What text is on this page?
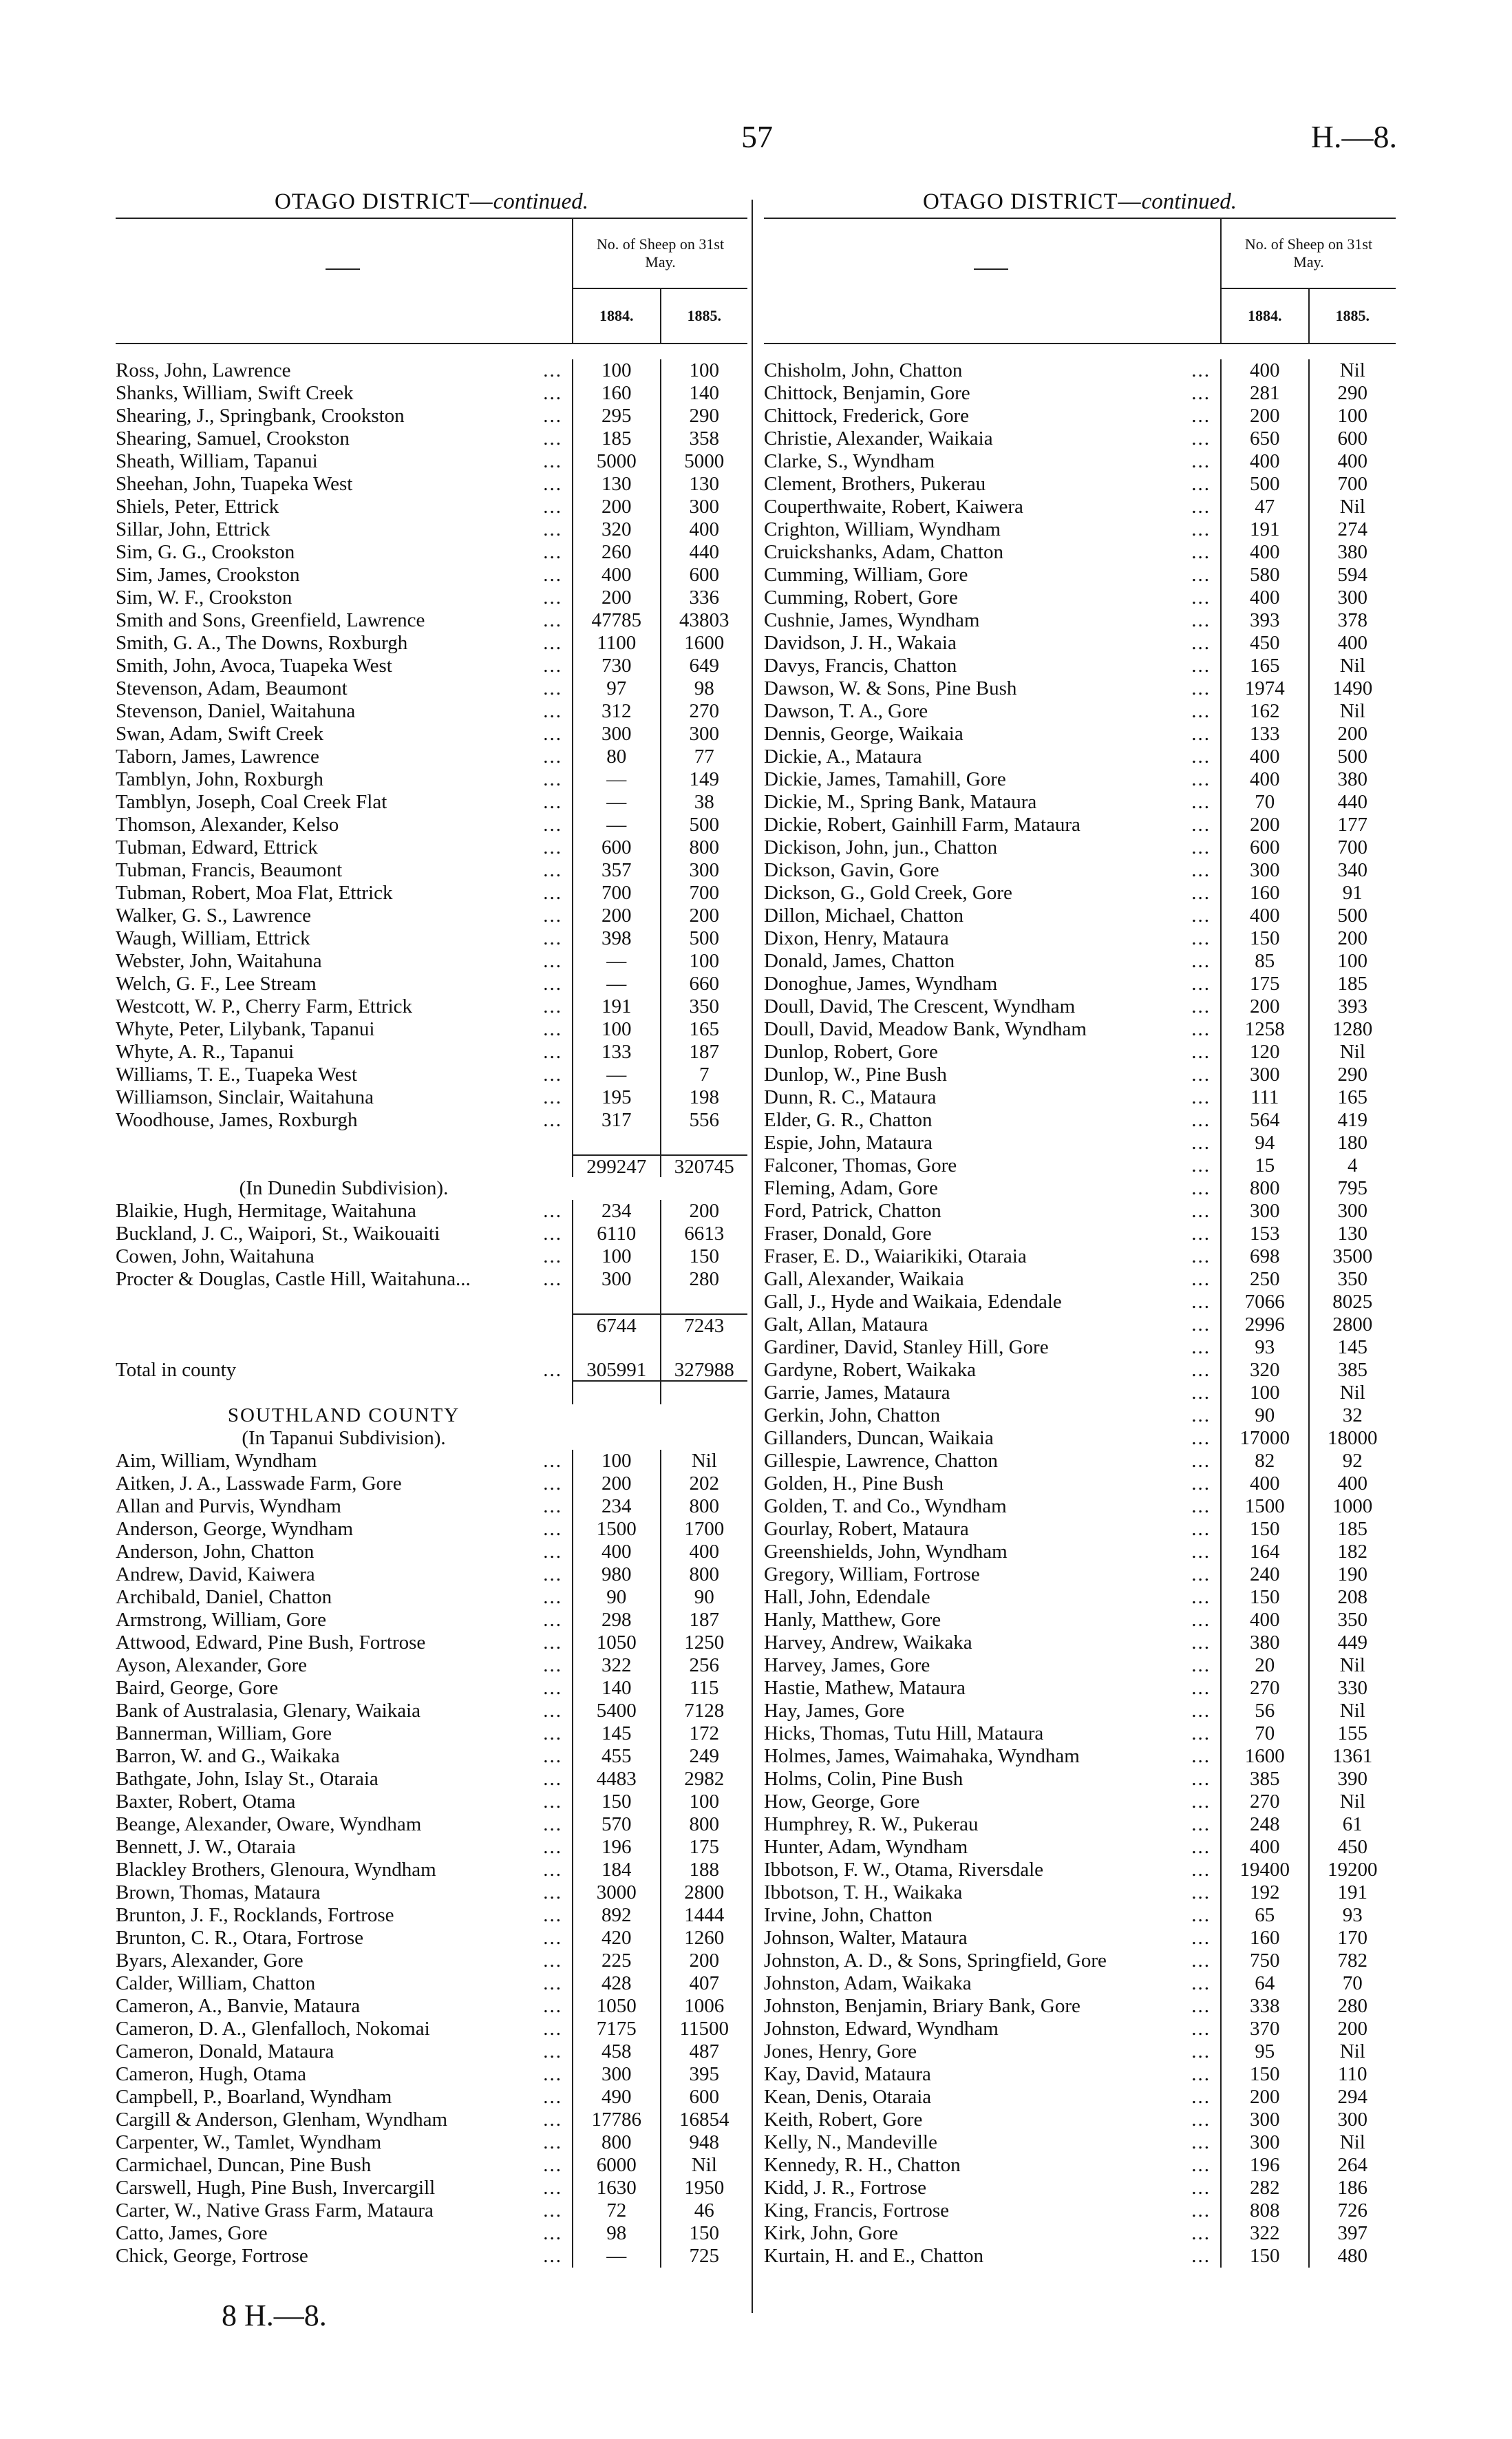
57	H.—8.
OTAGO DISTRICT—continued.
No. of Sheep on 31st May.
1884.	1885.
Ross, John, Lawrence	...	100	100
Shanks, William, Swift Creek	...	160	140
Shearing, J., Springbank, Crookston	...	295	290
Shearing, Samuel, Crookston	...	185	358
Sheath, William, Tapanui	...	5000	5000
Sheehan, John, Tuapeka West	...	130	130
Shiels, Peter, Ettrick	...	200	300
Sillar, John, Ettrick	...	320	400
Sim, G. G., Crookston	...	260	440
Sim, James, Crookston	...	400	600
Sim, W. F., Crookston	...	200	336
Smith and Sons, Greenfield, Lawrence	...	47785	43803
Smith, G. A., The Downs, Roxburgh	...	1100	1600
Smith, John, Avoca, Tuapeka West	...	730	649
Stevenson, Adam, Beaumont	...	97	98
Stevenson, Daniel, Waitahuna	...	312	270
Swan, Adam, Swift Creek	...	300	300
Taborn, James, Lawrence	...	80	77
Tamblyn, John, Roxburgh	...	—	149
Tamblyn, Joseph, Coal Creek Flat	...	—	38
Thomson, Alexander, Kelso	...	—	500
Tubman, Edward, Ettrick	...	600	800
Tubman, Francis, Beaumont	...	357	300
Tubman, Robert, Moa Flat, Ettrick	...	700	700
Walker, G. S., Lawrence	...	200	200
Waugh, William, Ettrick	...	398	500
Webster, John, Waitahuna	...	—	100
Welch, G. F., Lee Stream	...	—	660
Westcott, W. P., Cherry Farm, Ettrick	...	191	350
Whyte, Peter, Lilybank, Tapanui	...	100	165
Whyte, A. R., Tapanui	...	133	187
Williams, T. E., Tuapeka West	...	—	7
Williamson, Sinclair, Waitahuna	...	195	198
Woodhouse, James, Roxburgh	...	317	556
299247	320745
(In Dunedin Subdivision).
Blaikie, Hugh, Hermitage, Waitahuna	...	234	200
Buckland, J. C., Waipori, St., Waikouaiti	...	6110	6613
Cowen, John, Waitahuna	...	100	150
Procter & Douglas, Castle Hill, Waitahuna...	...	300	280
6744	7243
Total in county	...	305991	327988
SOUTHLAND COUNTY
(In Tapanui Subdivision).
Aim, William, Wyndham	...	100	Nil
Aitken, J. A., Lasswade Farm, Gore	...	200	202
Allan and Purvis, Wyndham	...	234	800
Anderson, George, Wyndham	...	1500	1700
Anderson, John, Chatton	...	400	400
Andrew, David, Kaiwera	...	980	800
Archibald, Daniel, Chatton	...	90	90
Armstrong, William, Gore	...	298	187
Attwood, Edward, Pine Bush, Fortrose	...	1050	1250
Ayson, Alexander, Gore	...	322	256
Baird, George, Gore	...	140	115
Bank of Australasia, Glenary, Waikaia	...	5400	7128
Bannerman, William, Gore	...	145	172
Barron, W. and G., Waikaka	...	455	249
Bathgate, John, Islay St., Otaraia	...	4483	2982
Baxter, Robert, Otama	...	150	100
Beange, Alexander, Oware, Wyndham	...	570	800
Bennett, J. W., Otaraia	...	196	175
Blackley Brothers, Glenoura, Wyndham	...	184	188
Brown, Thomas, Mataura	...	3000	2800
Brunton, J. F., Rocklands, Fortrose	...	892	1444
Brunton, C. R., Otara, Fortrose	...	420	1260
Byars, Alexander, Gore	...	225	200
Calder, William, Chatton	...	428	407
Cameron, A., Banvie, Mataura	...	1050	1006
Cameron, D. A., Glenfalloch, Nokomai	...	7175	11500
Cameron, Donald, Mataura	...	458	487
Cameron, Hugh, Otama	...	300	395
Campbell, P., Boarland, Wyndham	...	490	600
Cargill & Anderson, Glenham, Wyndham	...	17786	16854
Carpenter, W., Tamlet, Wyndham	...	800	948
Carmichael, Duncan, Pine Bush	...	6000	Nil
Carswell, Hugh, Pine Bush, Invercargill	...	1630	1950
Carter, W., Native Grass Farm, Mataura	...	72	46
Catto, James, Gore	...	98	150
Chick, George, Fortrose	...	—	725
OTAGO DISTRICT—continued.
No. of Sheep on 31st May.
1884.	1885.
Chisholm, John, Chatton	...	400	Nil
Chittock, Benjamin, Gore	...	281	290
Chittock, Frederick, Gore	...	200	100
Christie, Alexander, Waikaia	...	650	600
Clarke, S., Wyndham	...	400	400
Clement, Brothers, Pukerau	...	500	700
Couperthwaite, Robert, Kaiwera	...	47	Nil
Crighton, William, Wyndham	...	191	274
Cruickshanks, Adam, Chatton	...	400	380
Cumming, William, Gore	...	580	594
Cumming, Robert, Gore	...	400	300
Cushnie, James, Wyndham	...	393	378
Davidson, J. H., Wakaia	...	450	400
Davys, Francis, Chatton	...	165	Nil
Dawson, W. & Sons, Pine Bush	...	1974	1490
Dawson, T. A., Gore	...	162	Nil
Dennis, George, Waikaia	...	133	200
Dickie, A., Mataura	...	400	500
Dickie, James, Tamahill, Gore	...	400	380
Dickie, M., Spring Bank, Mataura	...	70	440
Dickie, Robert, Gainhill Farm, Mataura	...	200	177
Dickison, John, jun., Chatton	...	600	700
Dickson, Gavin, Gore	...	300	340
Dickson, G., Gold Creek, Gore	...	160	91
Dillon, Michael, Chatton	...	400	500
Dixon, Henry, Mataura	...	150	200
Donald, James, Chatton	...	85	100
Donoghue, James, Wyndham	...	175	185
Doull, David, The Crescent, Wyndham	...	200	393
Doull, David, Meadow Bank, Wyndham	...	1258	1280
Dunlop, Robert, Gore	...	120	Nil
Dunlop, W., Pine Bush	...	300	290
Dunn, R. C., Mataura	...	111	165
Elder, G. R., Chatton	...	564	419
Espie, John, Mataura	...	94	180
Falconer, Thomas, Gore	...	15	4
Fleming, Adam, Gore	...	800	795
Ford, Patrick, Chatton	...	300	300
Fraser, Donald, Gore	...	153	130
Fraser, E. D., Waiarikiki, Otaraia	...	698	3500
Gall, Alexander, Waikaia	...	250	350
Gall, J., Hyde and Waikaia, Edendale	...	7066	8025
Galt, Allan, Mataura	...	2996	2800
Gardiner, David, Stanley Hill, Gore	...	93	145
Gardyne, Robert, Waikaka	...	320	385
Garrie, James, Mataura	...	100	Nil
Gerkin, John, Chatton	...	90	32
Gillanders, Duncan, Waikaia	...	17000	18000
Gillespie, Lawrence, Chatton	...	82	92
Golden, H., Pine Bush	...	400	400
Golden, T. and Co., Wyndham	...	1500	1000
Gourlay, Robert, Mataura	...	150	185
Greenshields, John, Wyndham	...	164	182
Gregory, William, Fortrose	...	240	190
Hall, John, Edendale	...	150	208
Hanly, Matthew, Gore	...	400	350
Harvey, Andrew, Waikaka	...	380	449
Harvey, James, Gore	...	20	Nil
Hastie, Mathew, Mataura	...	270	330
Hay, James, Gore	...	56	Nil
Hicks, Thomas, Tutu Hill, Mataura	...	70	155
Holmes, James, Waimahaka, Wyndham	...	1600	1361
Holms, Colin, Pine Bush	...	385	390
How, George, Gore	...	270	Nil
Humphrey, R. W., Pukerau	...	248	61
Hunter, Adam, Wyndham	...	400	450
Ibbotson, F. W., Otama, Riversdale	...	19400	19200
Ibbotson, T. H., Waikaka	...	192	191
Irvine, John, Chatton	...	65	93
Johnson, Walter, Mataura	...	160	170
Johnston, A. D., & Sons, Springfield, Gore	...	750	782
Johnston, Adam, Waikaka	...	64	70
Johnston, Benjamin, Briary Bank, Gore	...	338	280
Johnston, Edward, Wyndham	...	370	200
Jones, Henry, Gore	...	95	Nil
Kay, David, Mataura	...	150	110
Kean, Denis, Otaraia	...	200	294
Keith, Robert, Gore	...	300	300
Kelly, N., Mandeville	...	300	Nil
Kennedy, R. H., Chatton	...	196	264
Kidd, J. R., Fortrose	...	282	186
King, Francis, Fortrose	...	808	726
Kirk, John, Gore	...	322	397
Kurtain, H. and E., Chatton	...	150	480
8 H.—8.
